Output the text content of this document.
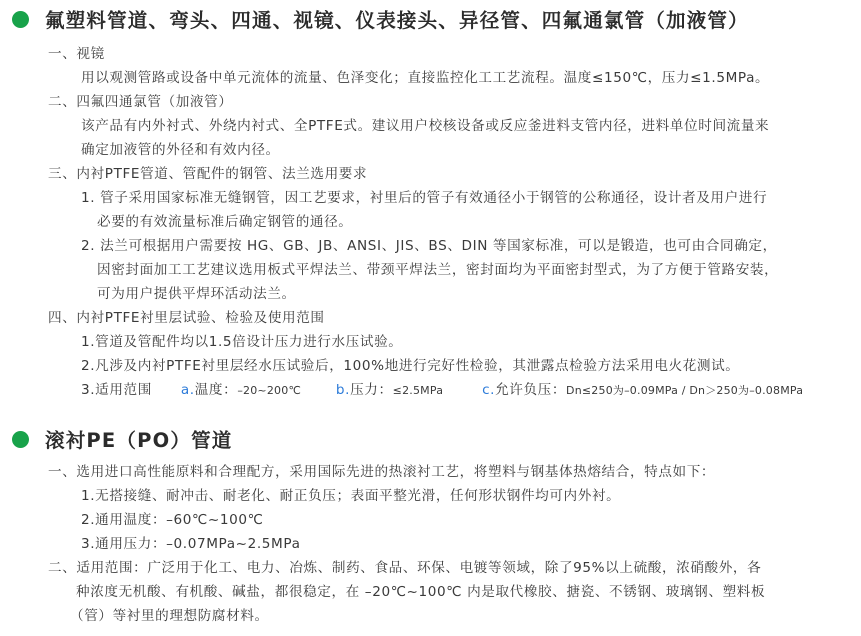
氟塑料管道、弯头、四通、视镜、仪表接头、异径管、四氟通氯管（加液管）
一、视镜
用以观测管路或设备中单元流体的流量、色泽变化；直接监控化工工艺流程。温度≤150℃，压力≤1.5MPa。
二、四氟四通氯管（加液管）
该产品有内外衬式、外绕内衬式、全PTFE式。建议用户校核设备或反应釜进料支管内径，进料单位时间流量来
确定加液管的外径和有效内径。
三、内衬PTFE管道、管配件的钢管、法兰选用要求
1. 管子采用国家标准无缝钢管，因工艺要求，衬里后的管子有效通径小于钢管的公称通径，设计者及用户进行
必要的有效流量标准后确定钢管的通径。
2. 法兰可根据用户需要按 HG、GB、JB、ANSI、JIS、BS、DIN 等国家标准，可以是锻造，也可由合同确定，
因密封面加工工艺建议选用板式平焊法兰、带颈平焊法兰，密封面均为平面密封型式，为了方便于管路安装，
可为用户提供平焊环活动法兰。
四、内衬PTFE衬里层试验、检验及使用范围
1.管道及管配件均以1.5倍设计压力进行水压试验。
2.凡涉及内衬PTFE衬里层经水压试验后，100%地进行完好性检验，其泄露点检验方法采用电火花测试。
3.适用范围 a.温度：–20~200℃	b.压力：≤2.5MPa	c.允许负压：Dn≤250为–0.09MPa / Dn＞250为–0.08MPa
滚衬PE（PO）管道
一、选用进口高性能原料和合理配方，采用国际先进的热滚衬工艺，将塑料与钢基体热熔结合，特点如下：
1.无搭接缝、耐冲击、耐老化、耐正负压；表面平整光滑，任何形状钢件均可内外衬。
2.通用温度：–60℃~100℃
3.通用压力：–0.07MPa~2.5MPa
二、适用范围：广泛用于化工、电力、冶炼、制药、食品、环保、电镀等领域，除了95%以上硫酸，浓硝酸外，各
种浓度无机酸、有机酸、碱盐，都很稳定，在 –20℃~100℃ 内是取代橡胶、搪瓷、不锈钢、玻璃钢、塑料板
（管）等衬里的理想防腐材料。
